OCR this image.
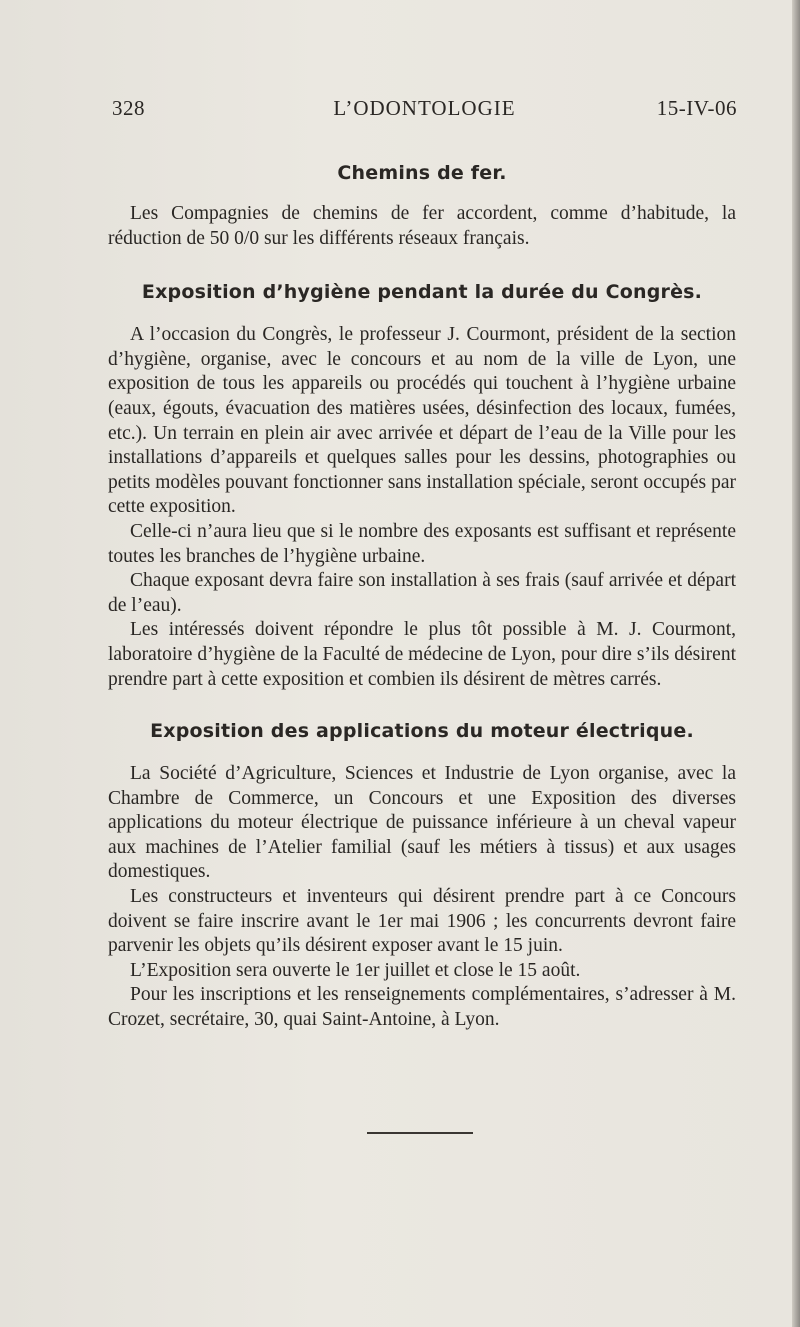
L’ODONTOLOGIE
328	15-IV-06
Chemins de fer.

Les Compagnies de chemins de fer accordent, comme d’habitude, la réduction de 50 0/0 sur les différents réseaux français.

Exposition d’hygiène pendant la durée du Congrès.

A l’occasion du Congrès, le professeur J. Courmont, président de la section d’hygiène, organise, avec le concours et au nom de la ville de Lyon, une exposition de tous les appareils ou procédés qui touchent à l’hygiène urbaine (eaux, égouts, évacuation des matières usées, désinfection des locaux, fumées, etc.). Un terrain en plein air avec arrivée et départ de l’eau de la Ville pour les installations d’appareils et quelques salles pour les dessins, photographies ou petits modèles pouvant fonctionner sans installation spéciale, seront occupés par cette exposition.

Celle-ci n’aura lieu que si le nombre des exposants est suffisant et représente toutes les branches de l’hygiène urbaine.

Chaque exposant devra faire son installation à ses frais (sauf arrivée et départ de l’eau).

Les intéressés doivent répondre le plus tôt possible à M. J. Courmont, laboratoire d’hygiène de la Faculté de médecine de Lyon, pour dire s’ils désirent prendre part à cette exposition et combien ils désirent de mètres carrés.

Exposition des applications du moteur électrique.

La Société d’Agriculture, Sciences et Industrie de Lyon organise, avec la Chambre de Commerce, un Concours et une Exposition des diverses applications du moteur électrique de puissance inférieure à un cheval vapeur aux machines de l’Atelier familial (sauf les métiers à tissus) et aux usages domestiques.

Les constructeurs et inventeurs qui désirent prendre part à ce Concours doivent se faire inscrire avant le 1er mai 1906 ; les concurrents devront faire parvenir les objets qu’ils désirent exposer avant le 15 juin.

L’Exposition sera ouverte le 1er juillet et close le 15 août.

Pour les inscriptions et les renseignements complémentaires, s’adresser à M. Crozet, secrétaire, 30, quai Saint-Antoine, à Lyon.
